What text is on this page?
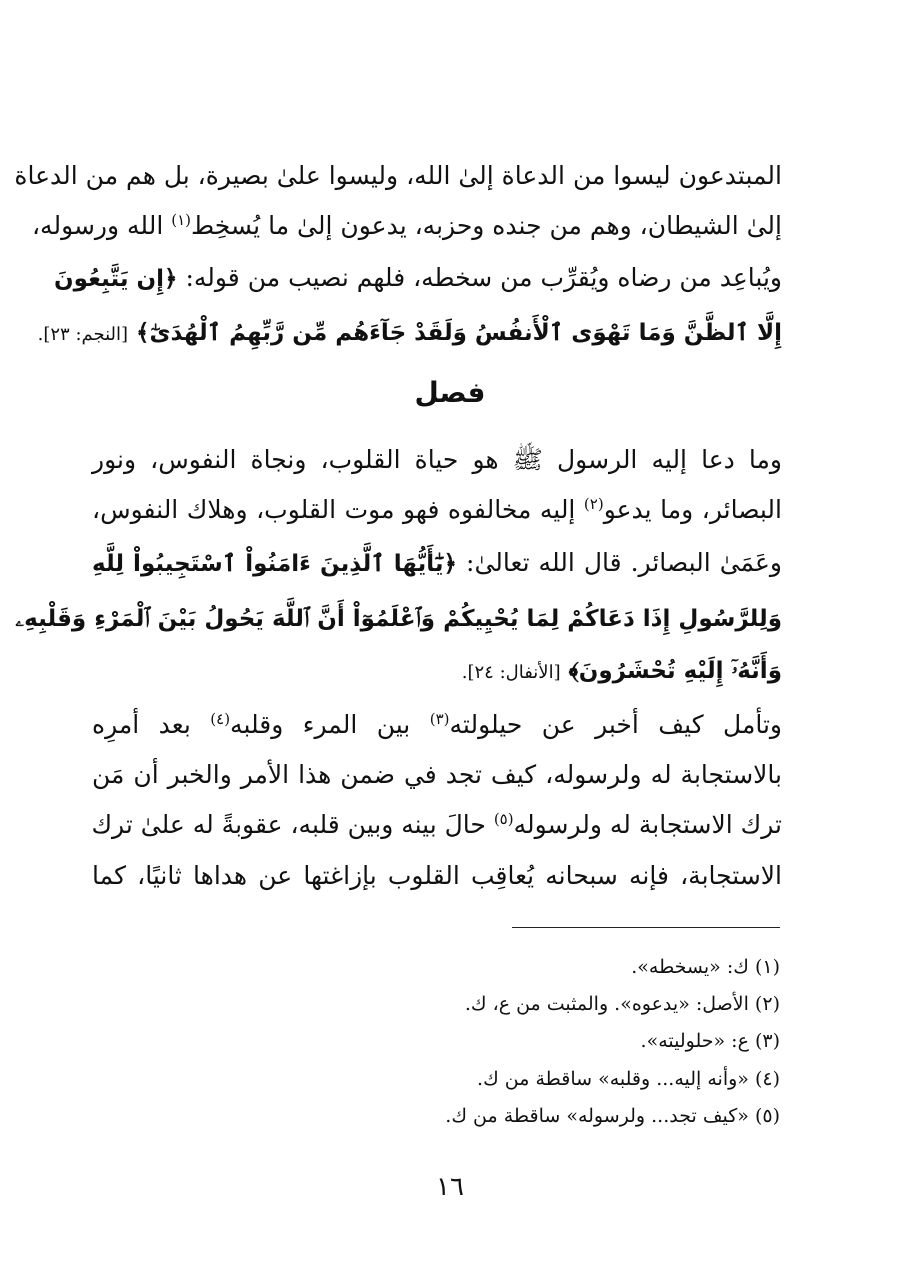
المبتدعون ليسوا من الدعاة إلىٰ الله، وليسوا علىٰ بصيرة، بل هم من الدعاة
إلىٰ الشيطان، وهم من جنده وحزبه، يدعون إلىٰ ما يُسخِط$^{(١)}$ الله ورسوله،
ويُباعِد من رضاه ويُقرِّب من سخطه، فلهم نصيب من قوله: ﴿إِن يَتَّبِعُونَ
إِلَّا ٱلظَّنَّ وَمَا تَهْوَى ٱلْأَنفُسُ وَلَقَدْ جَآءَهُم مِّن رَّبِّهِمُ ٱلْهُدَىٰٓ﴾ [النجم: ٢٣].
فصل
وما دعا إليه الرسول ﷺ هو حياة القلوب، ونجاة النفوس، ونور
البصائر، وما يدعو$^{(٢)}$ إليه مخالفوه فهو موت القلوب، وهلاك النفوس،
وعَمَىٰ البصائر. قال الله تعالىٰ: ﴿يَٰٓأَيُّهَا ٱلَّذِينَ ءَامَنُواْ ٱسْتَجِيبُواْ لِلَّهِ
وَلِلرَّسُولِ إِذَا دَعَاكُمْ لِمَا يُحْيِيكُمْ وَٱعْلَمُوٓاْ أَنَّ ٱللَّهَ يَحُولُ بَيْنَ ٱلْمَرْءِ وَقَلْبِهِۦ
وَأَنَّهُۥٓ إِلَيْهِ تُحْشَرُونَ﴾ [الأنفال: ٢٤].
وتأمل كيف أخبر عن حيلولته$^{(٣)}$ بين المرء وقلبه$^{(٤)}$ بعد أمرِه
بالاستجابة له ولرسوله، كيف تجد في ضمن هذا الأمر والخبر أن مَن
ترك الاستجابة له ولرسوله$^{(٥)}$ حالَ بينه وبين قلبه، عقوبةً له علىٰ ترك
الاستجابة، فإنه سبحانه يُعاقِب القلوب بإزاغتها عن هداها ثانيًا، كما
(١) ك: «يسخطه».
(٢) الأصل: «يدعوه». والمثبت من ع، ك.
(٣) ع: «حلوليته».
(٤) «وأنه إليه... وقلبه» ساقطة من ك.
(٥) «كيف تجد... ولرسوله» ساقطة من ك.
١٦
